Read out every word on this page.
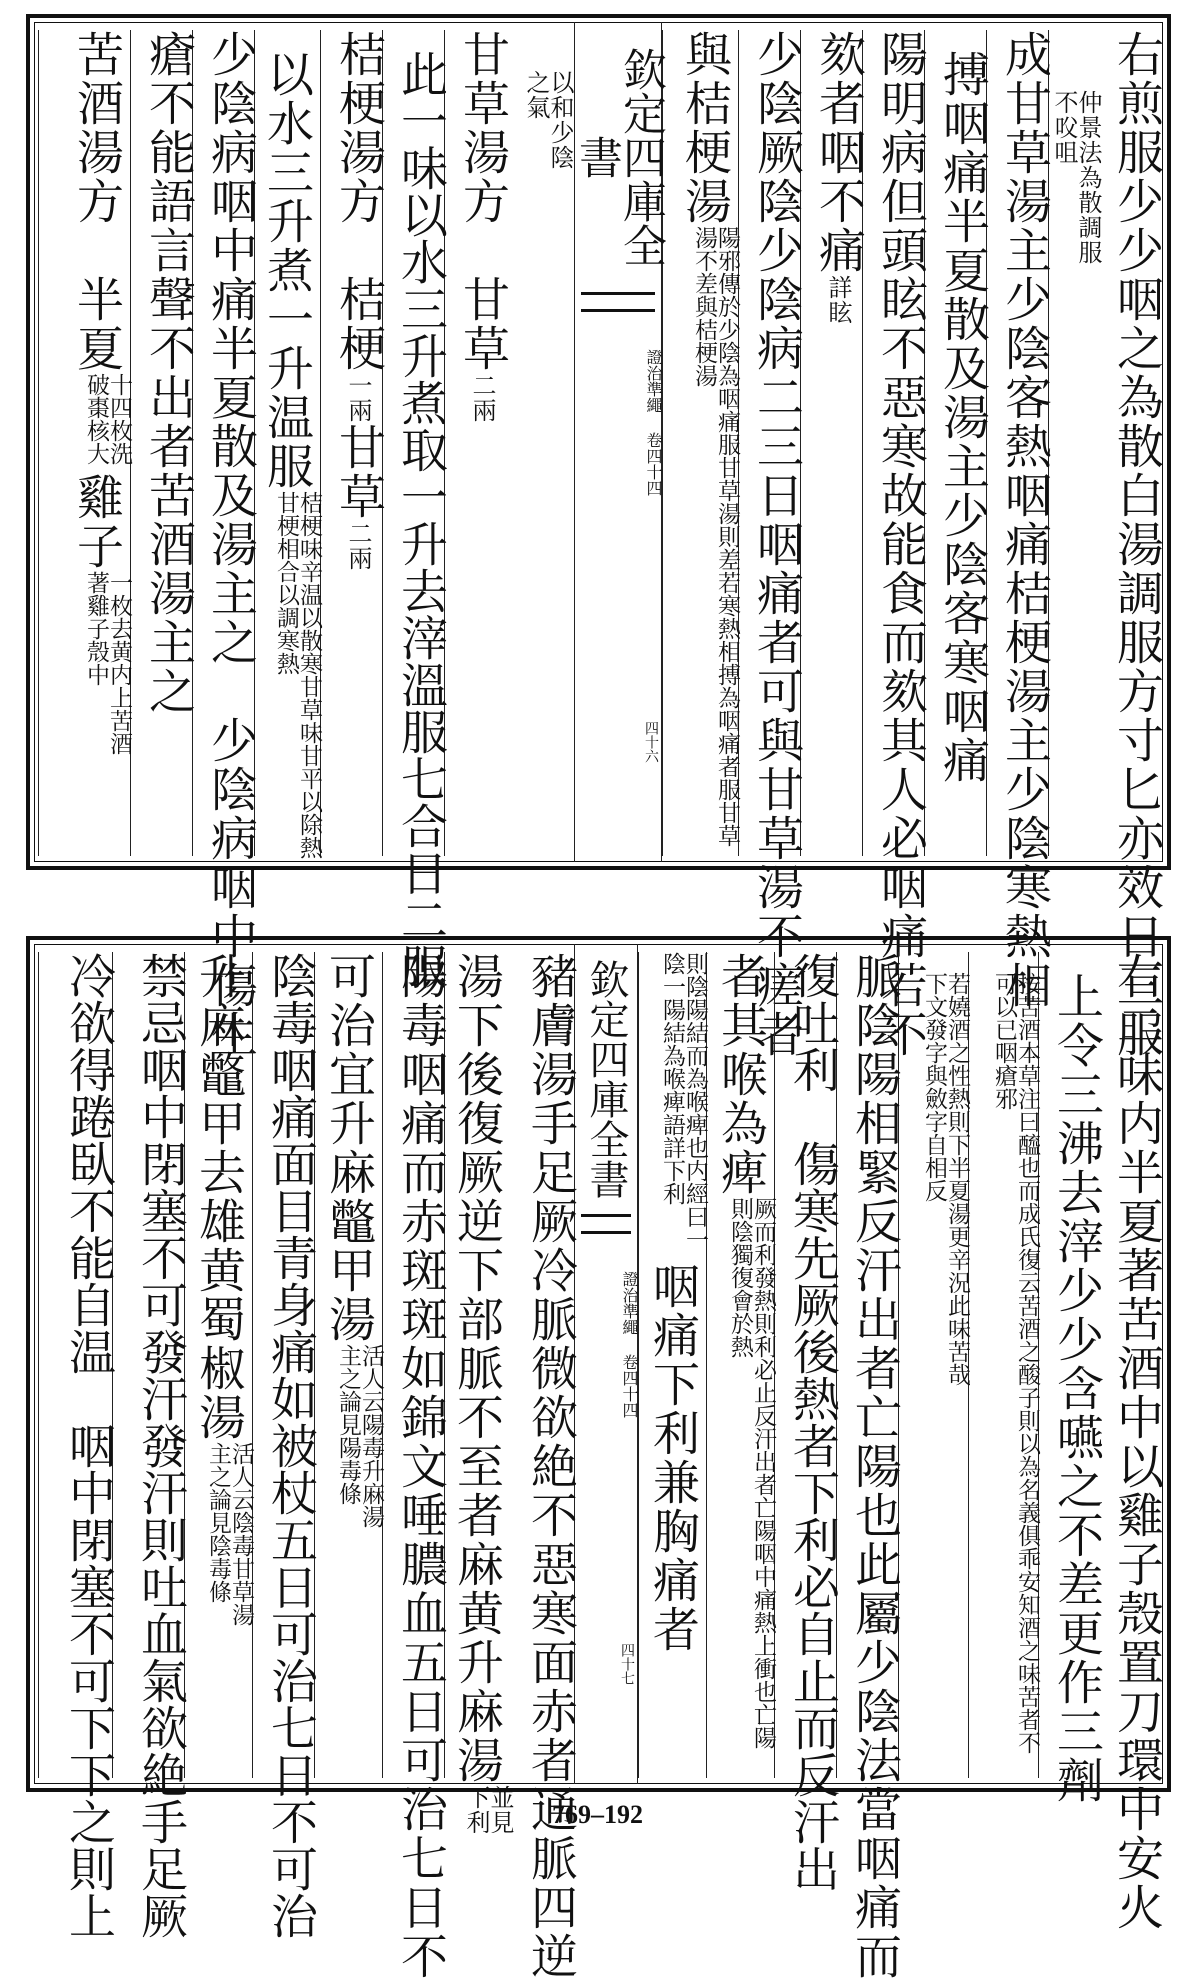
右煎服少少咽之為散白湯調服方寸匕亦效日三服
仲景法為散調服不㕮咀
成甘草湯主少陰客熱咽痛桔梗湯主少陰寒熱相
搏咽痛半夏散及湯主少陰客寒咽痛
陽明病但頭眩不惡寒故能食而欬其人必咽痛若不
欬者咽不痛詳眩
少陰厥陰少陰病二三日咽痛者可與甘草湯不瘥者
與桔梗湯陽邪傳於少陰為咽痛服甘草湯則差若寒熱相搏為咽痛者服甘草湯不差與桔梗湯
欽定四庫全書
證治準繩 卷四十四
四十六
以和少陰之氣
甘草湯方　甘草二兩
此一味以水三升煮取一升去滓溫服七合日二服
桔梗湯方　桔梗一兩甘草二兩
以水三升煮一升温服桔梗味辛温以散寒甘草味甘平以除熱甘梗相合以調寒熱
少陰病咽中痛半夏散及湯主之　少陰病咽中傷生
瘡不能語言聲不出者苦酒湯主之
苦酒湯方　半夏十四枚洗破棗核大雞子一枚去黄内上苦酒著雞子殼中
右二味内半夏著苦酒中以雞子殼置刀環中安火
上令三沸去滓少少含嚥之不差更作三劑
按苦酒本草注曰醯也而成氏復云苦酒之酸子則以為名義俱乖安知酒之味苦者不可以已咽瘡邪
若嬈酒之性熱則下半夏湯更辛況此味苦哉下文發字與斂字自相反
脈陰陽相緊反汗出者亡陽也此屬少陰法當咽痛而
復吐利　傷寒先厥後熱者下利必自止而反汗出
者其喉為痺厥而利發熱則利必止反汗出者亡陽咽中痛熱上衝也亡陽則陰獨復會於熱
則陰陽結而為喉痺也内經曰一陰一陽結為喉痺語詳下利咽痛下利兼胸痛者
欽定四庫全書
證治準繩 卷四十四
四十七
豬膚湯手足厥冷脈微欲絶不惡寒面赤者通脈四逆
湯下後復厥逆下部脈不至者麻黄升麻湯並見下利
陽毒咽痛而赤斑斑如錦文唾膿血五日可治七日不
可治宜升麻鼈甲湯活人云陽毒升麻湯主之論見陽毒條
陰毒咽痛面目青身痛如被杖五日可治七日不可治
升麻鼈甲去雄黄蜀椒湯活人云陰毒甘草湯主之論見陰毒條
禁忌咽中閉塞不可發汗發汗則吐血氣欲絶手足厥
冷欲得踡臥不能自温　咽中閉塞不可下下之則上	769–192
